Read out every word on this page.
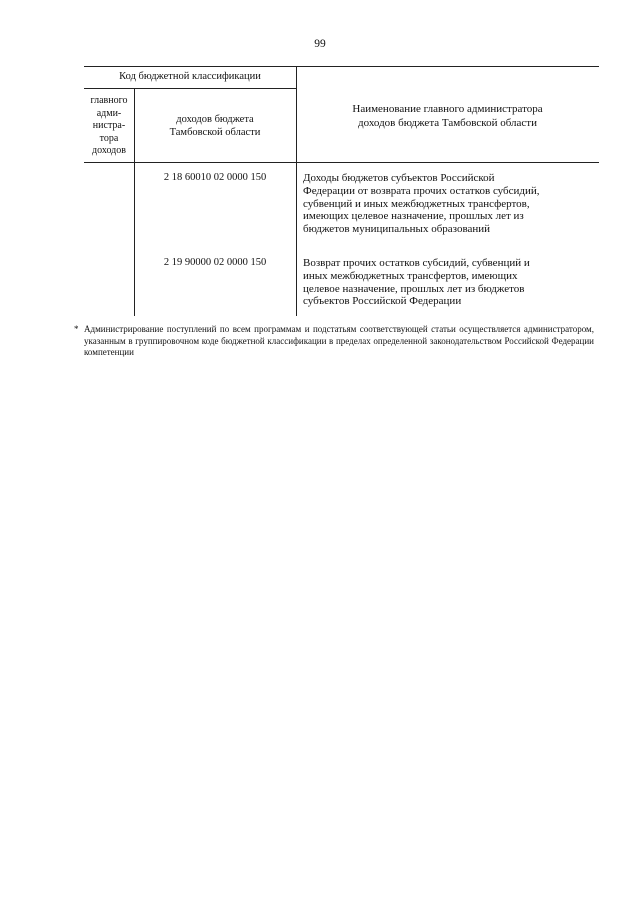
99
Код бюджетной классификации
главного
адми-
нистра-
тора
доходов
доходов бюджета
Тамбовской области
Наименование главного администратора
доходов бюджета Тамбовской области
2 18 60010 02 0000 150	Доходы бюджетов субъектов Российской
Федерации от возврата прочих остатков субсидий,
субвенций и иных межбюджетных трансфертов,
имеющих целевое назначение, прошлых лет из
бюджетов муниципальных образований
2 19 90000 02 0000 150	Возврат прочих остатков субсидий, субвенций и
иных межбюджетных трансфертов, имеющих
целевое назначение, прошлых лет из бюджетов
субъектов Российской Федерации
* Администрирование поступлений по всем программам и подстатьям соответствующей статьи осуществляется администратором, указанным в группировочном коде бюджетной классификации в пределах определенной законодательством Российской Федерации компетенции
